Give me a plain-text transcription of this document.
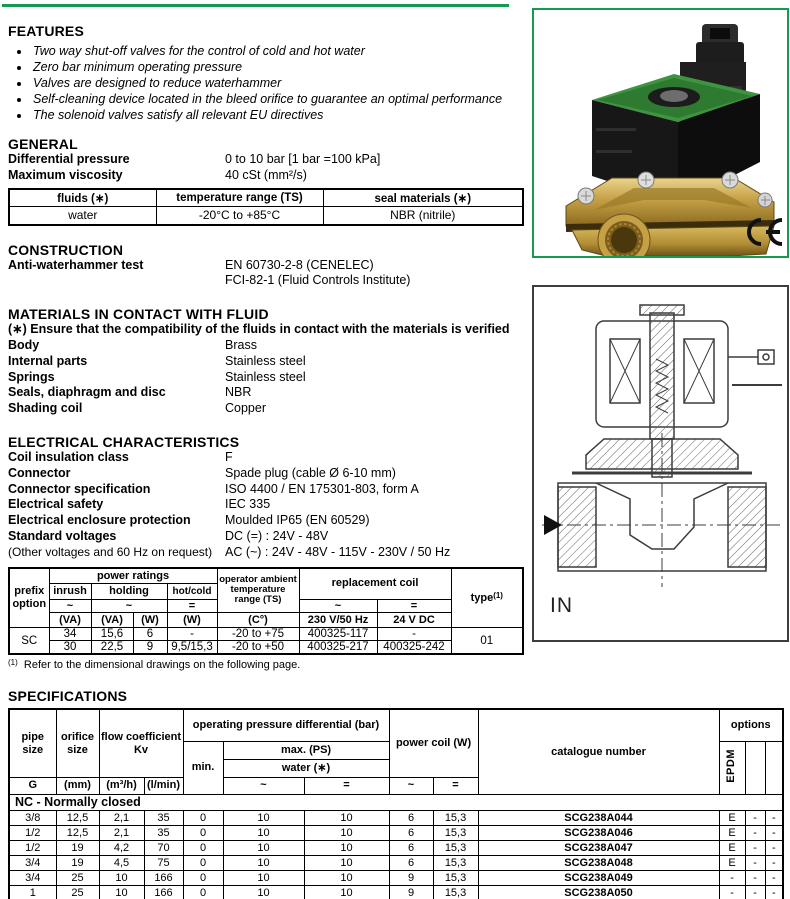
FEATURES
• Two way shut-off valves for the control of cold and hot water
• Zero bar minimum operating pressure
• Valves are designed to reduce waterhammer
• Self-cleaning device located in the bleed orifice to guarantee an optimal performance
• The solenoid valves satisfy all relevant EU directives
GENERAL
Differential pressure	0 to 10 bar [1 bar =100 kPa]
Maximum viscosity	40 cSt (mm²/s)
fluids (∗)	temperature range (TS)	seal materials (∗)
water	-20°C to +85°C	NBR (nitrile)
CONSTRUCTION
Anti-waterhammer test	EN 60730-2-8 (CENELEC)
FCI-82-1 (Fluid Controls Institute)
MATERIALS IN CONTACT WITH FLUID
(∗) Ensure that the compatibility of the fluids in contact with the materials is verified
Body	Brass
Internal parts	Stainless steel
Springs	Stainless steel
Seals, diaphragm and disc	NBR
Shading coil	Copper
ELECTRICAL CHARACTERISTICS
Coil insulation class	F
Connector	Spade plug (cable Ø 6-10 mm)
Connector specification	ISO 4400 / EN 175301-803, form A
Electrical safety	IEC 335
Electrical enclosure protection	Moulded IP65 (EN 60529)
Standard voltages	DC (=) : 24V - 48V
(Other voltages and 60 Hz on request)	AC (~) : 24V - 48V - 115V - 230V / 50 Hz
prefix option	power ratings				operator ambient temperature range (TS)	replacement coil		type$^{(1)}$
	inrush	holding		hot/cold				
	~	~		=		~	=	
	(VA)	(VA)	(W)	(W)	(C°)	230 V/50 Hz	24 V DC	
SC	34	15,6	6	-	-20 to +75	400325-117	-	01
	30	22,5	9	9,5/15,3	-20 to +50	400325-217	400325-242	
$^{(1)}$ Refer to the dimensional drawings on the following page.
SPECIFICATIONS
pipe size	orifice size	flow coefficient Kv		operating pressure differential (bar)			power coil (W)		catalogue number	options		
				min.	max. (PS)					EPDM		
					water (∗)							
G	(mm)	(m³/h)	(l/min)		~	=	~	=				
NC - Normally closed												
3/8	12,5	2,1	35	0	10	10	6	15,3	SCG238A044	E	-	-
1/2	12,5	2,1	35	0	10	10	6	15,3	SCG238A046	E	-	-
1/2	19	4,2	70	0	10	10	6	15,3	SCG238A047	E	-	-
3/4	19	4,5	75	0	10	10	6	15,3	SCG238A048	E	-	-
3/4	25	10	166	0	10	10	9	15,3	SCG238A049	-	-	-
1	25	10	166	0	10	10	9	15,3	SCG238A050	-	-	-
IN
